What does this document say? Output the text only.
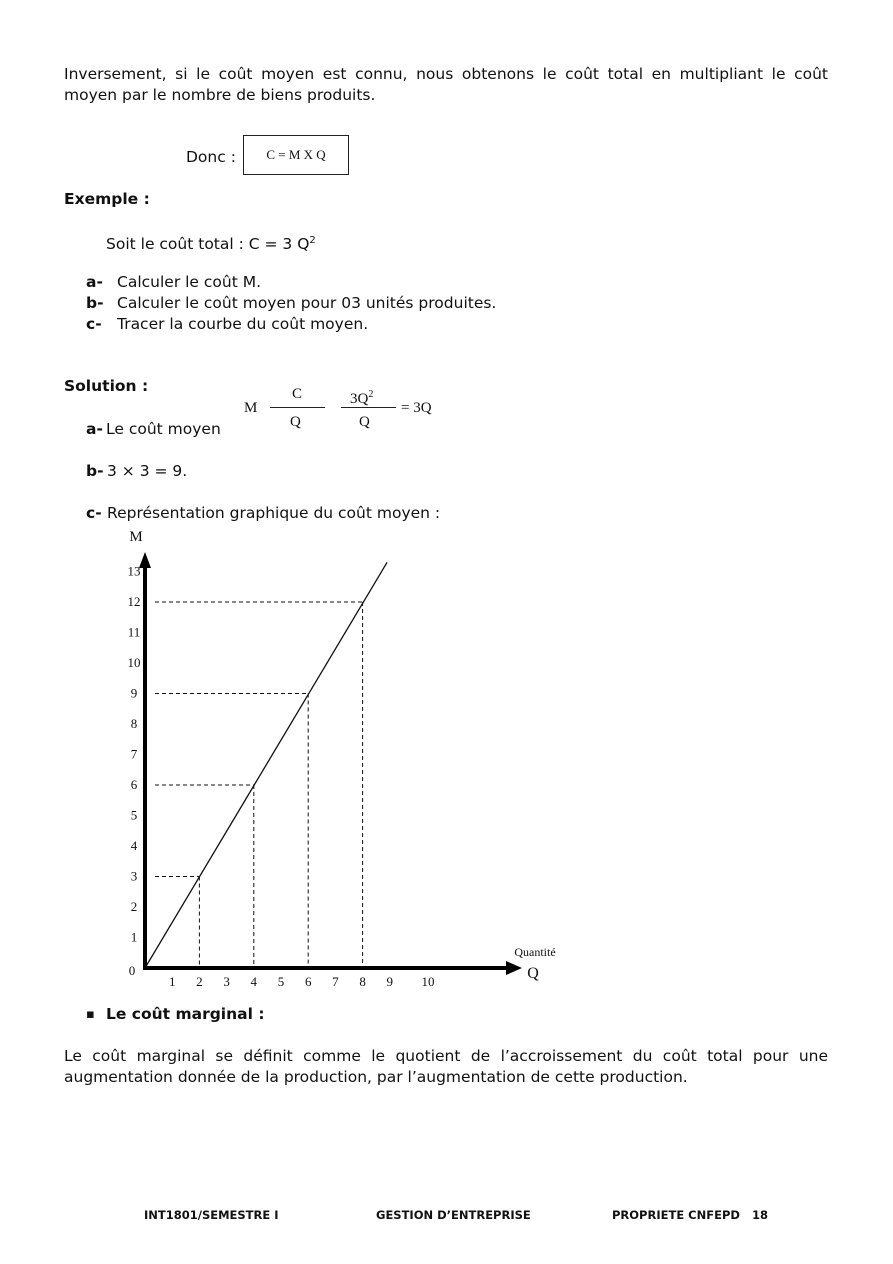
Inversement, si le coût moyen est connu, nous obtenons le coût total en multipliant le coût
moyen par le nombre de biens produits.
Donc : C = M X Q
Exemple :
Soit le coût total : C = 3 $Q^2$
a- Calculer le coût M.
b- Calculer le coût moyen pour 03 unités produites.
c- Tracer la courbe du coût moyen.
Solution :
M
C
Q
$3Q^2$
Q
= 3Q
a- Le coût moyen
b- 3 × 3 = 9.
c- Représentation graphique du coût moyen :
M
Q
Quantité
0
1
2
3
4
5
6
7
8
9
10
11
12
13
1 2 3 4 5 6 7 8 9 10
▪ Le coût marginal :
Le coût marginal se définit comme le quotient de l’accroissement du coût total pour une
augmentation donnée de la production, par l’augmentation de cette production.
INT1801/SEMESTRE I	GESTION D’ENTREPRISE	PROPRIETE CNFEPD 18
